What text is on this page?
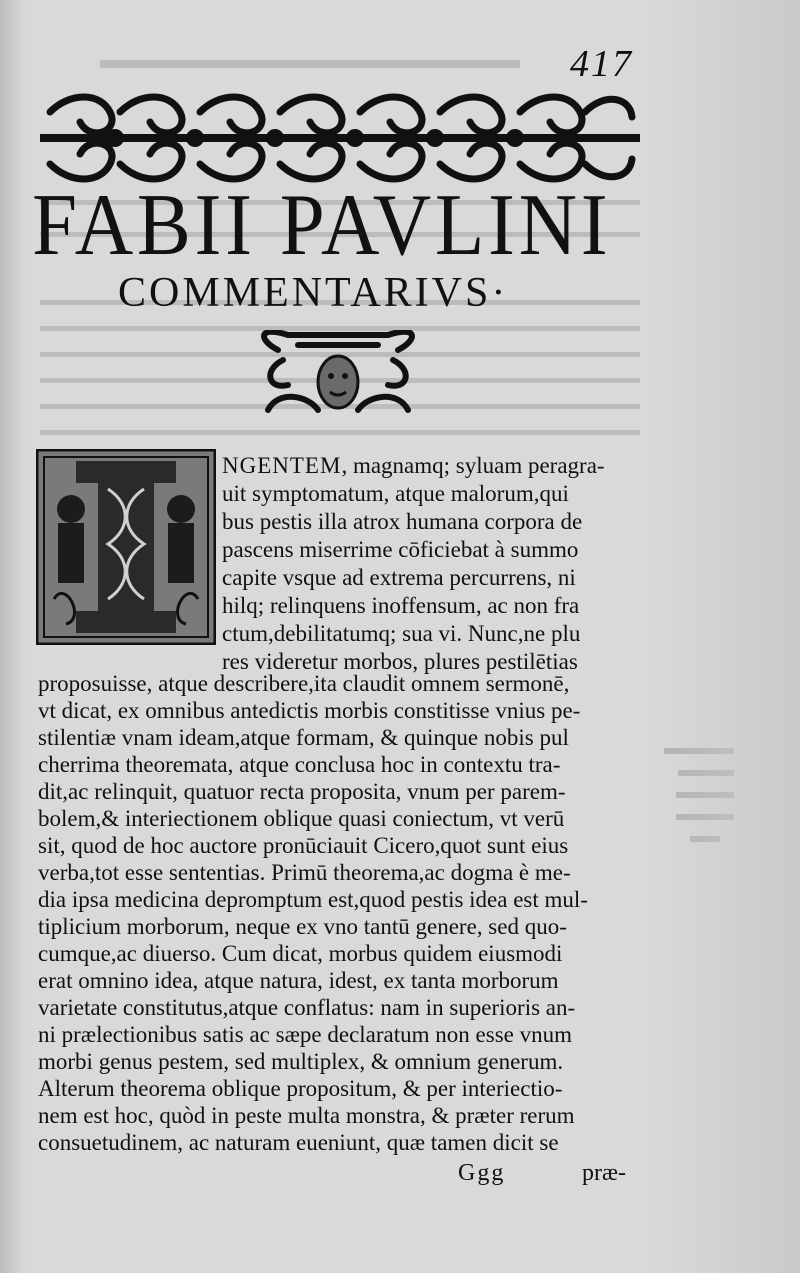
417
FABII PAVLINI
COMMENTARIVS·
NGENTEM, magnamq; syluam peragra-
uit symptomatum, atque malorum,qui
bus pestis illa atrox humana corpora de
pascens miserrime cōficiebat à summo
capite vsque ad extrema percurrens, ni
hilq; relinquens inoffensum, ac non fra
ctum,debilitatumq; sua vi. Nunc,ne plu
res videretur morbos, plures pestilētias
proposuisse, atque describere,ita claudit omnem sermonē,
vt dicat, ex omnibus antedictis morbis constitisse vnius pe-
stilentiæ vnam ideam,atque formam, & quinque nobis pul
cherrima theoremata, atque conclusa hoc in contextu tra-
dit,ac relinquit, quatuor recta proposita, vnum per parem-
bolem,& interiectionem oblique quasi coniectum, vt verū
sit, quod de hoc auctore pronūciauit Cicero,quot sunt eius
verba,tot esse sententias. Primū theorema,ac dogma è me-
dia ipsa medicina depromptum est,quod pestis idea est mul-
tiplicium morborum, neque ex vno tantū genere, sed quo-
cumque,ac diuerso. Cum dicat, morbus quidem eiusmodi
erat omnino idea, atque natura, idest, ex tanta morborum
varietate constitutus,atque conflatus: nam in superioris an-
ni prælectionibus satis ac sæpe declaratum non esse vnum
morbi genus pestem, sed multiplex, & omnium generum.
Alterum theorema oblique propositum, & per interiectio-
nem est hoc, quòd in peste multa monstra, & præter rerum
consuetudinem, ac naturam eueniunt, quæ tamen dicit se
Ggg	præ-
